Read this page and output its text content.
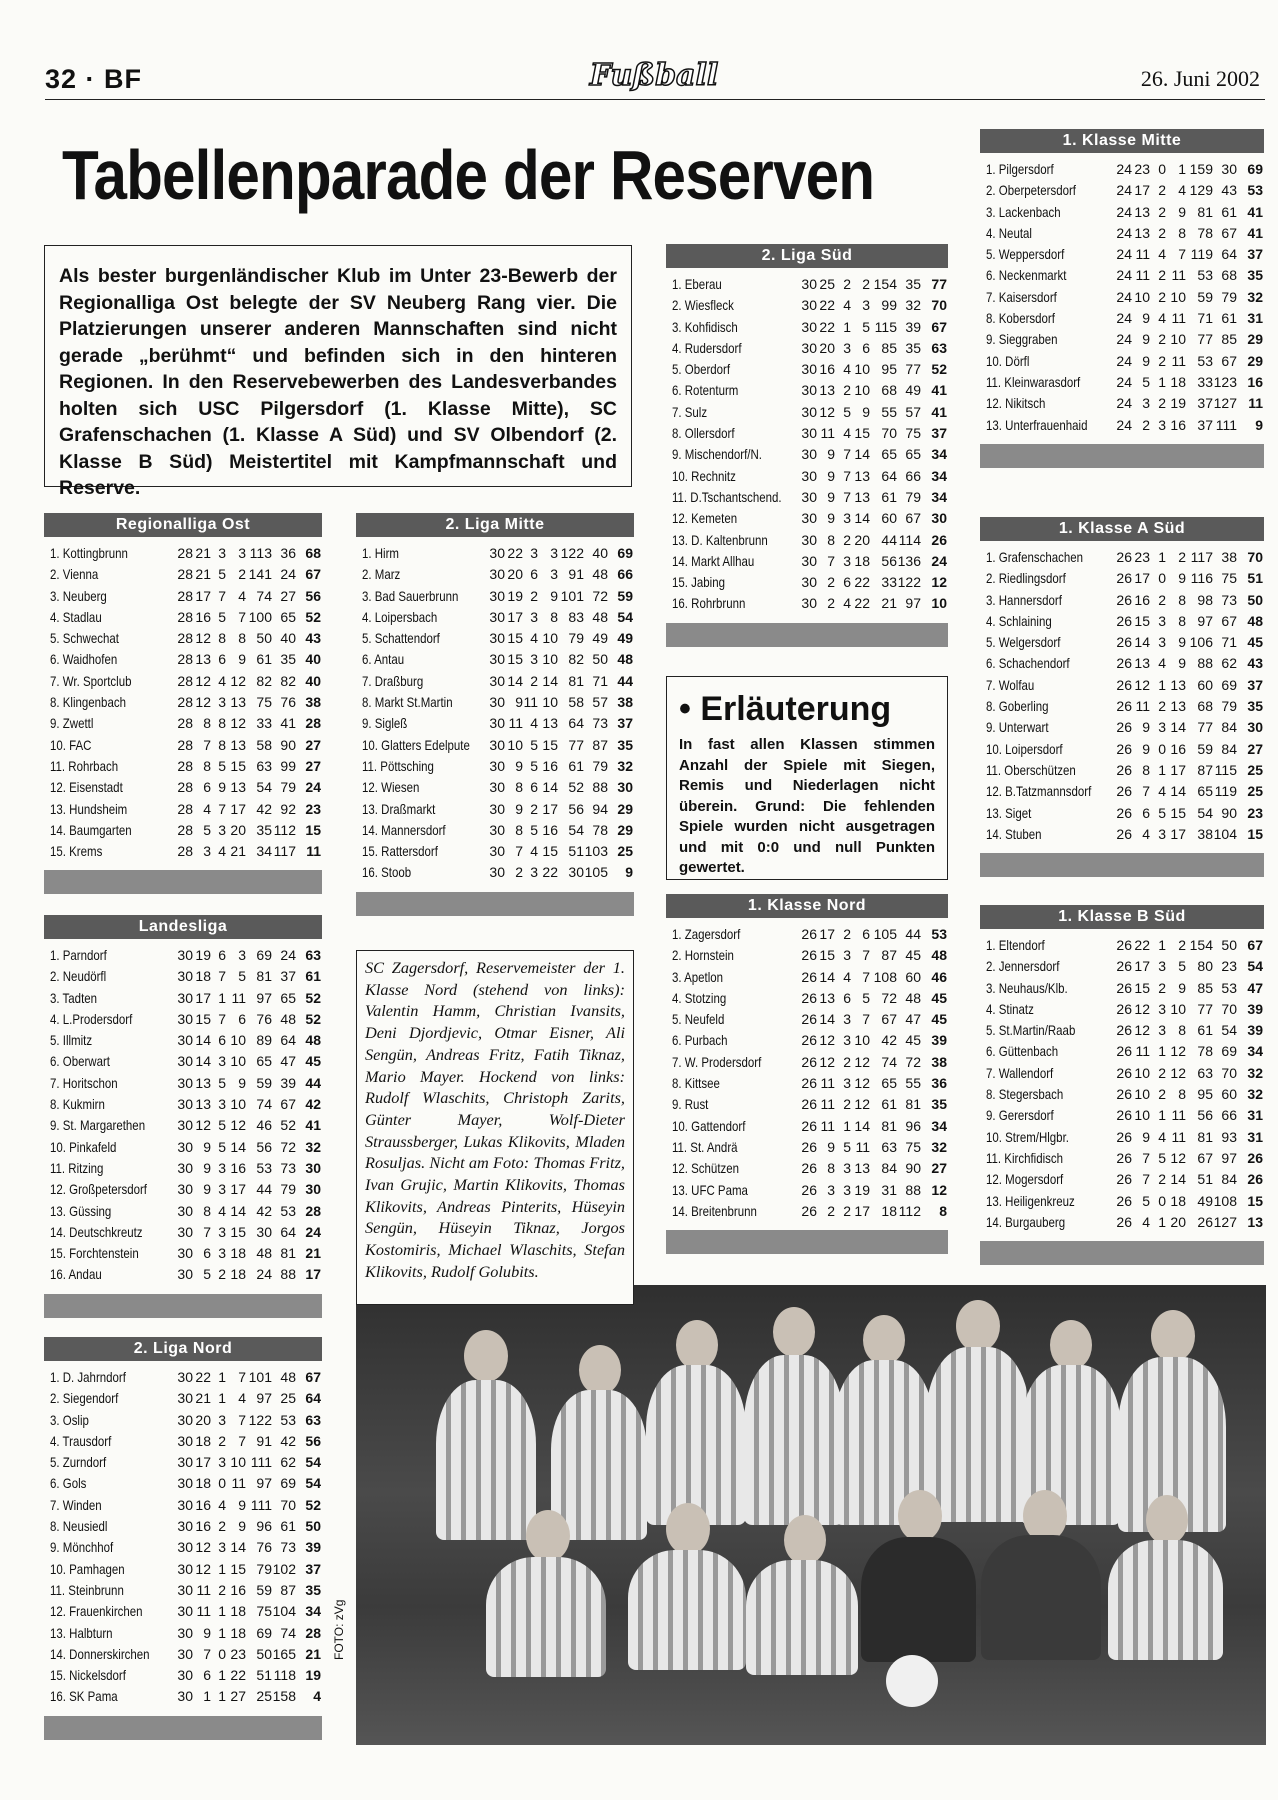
32 · BF	Fußball	26. Juni 2002
Tabellenparade der Reserven
Als bester burgenländischer Klub im Unter 23-Bewerb der Regionalliga Ost belegte der SV Neuberg Rang vier. Die Platzierungen unserer anderen Mannschaften sind nicht gerade „berühmt“ und befinden sich in den hinteren Regionen. In den Reservebewerben des Landesverbandes holten sich USC Pilgersdorf (1. Klasse Mitte), SC Grafenschachen (1. Klasse A Süd) und SV Olbendorf (2. Klasse B Süd) Meistertitel mit Kampfmannschaft und Reserve.
Regionalliga Ost
1. Kottingbrunn	28 21 3 3 113 36 68
2. Vienna	28 21 5 2 141 24 67
3. Neuberg	28 17 7 4 74 27 56
4. Stadlau	28 16 5 7 100 65 52
5. Schwechat	28 12 8 8 50 40 43
6. Waidhofen	28 13 6 9 61 35 40
7. Wr. Sportclub	28 12 4 12 82 82 40
8. Klingenbach	28 12 3 13 75 76 38
9. Zwettl	28 8 8 12 33 41 28
10. FAC	28 7 8 13 58 90 27
11. Rohrbach	28 8 5 15 63 99 27
12. Eisenstadt	28 6 9 13 54 79 24
13. Hundsheim	28 4 7 17 42 92 23
14. Baumgarten	28 5 3 20 35 112 15
15. Krems	28 3 4 21 34 117 11
Landesliga
1. Parndorf	30 19 6 3 69 24 63
2. Neudörfl	30 18 7 5 81 37 61
3. Tadten	30 17 1 11 97 65 52
4. L.Prodersdorf	30 15 7 6 76 48 52
5. Illmitz	30 14 6 10 89 64 48
6. Oberwart	30 14 3 10 65 47 45
7. Horitschon	30 13 5 9 59 39 44
8. Kukmirn	30 13 3 10 74 67 42
9. St. Margarethen 30 12 5 12 46 52 41
10. Pinkafeld	30 9 5 14 56 72 32
11. Ritzing	30 9 3 16 53 73 30
12. Großpetersdorf 30 9 3 17 44 79 30
13. Güssing	30 8 4 14 42 53 28
14. Deutschkreutz 30 7 3 15 30 64 24
15. Forchtenstein	30 6 3 18 48 81 21
16. Andau	30 5 2 18 24 88 17
2. Liga Nord
1. D. Jahrndorf	30 22 1 7 101 48 67
2. Siegendorf	30 21 1 4 97 25 64
3. Oslip	30 20 3 7 122 53 63
4. Trausdorf	30 18 2 7 91 42 56
5. Zurndorf	30 17 3 10 111 62 54
6. Gols	30 18 0 11 97 69 54
7. Winden	30 16 4 9 111 70 52
8. Neusiedl	30 16 2 9 96 61 50
9. Mönchhof	30 12 3 14 76 73 39
10. Pamhagen	30 12 1 15 79 102 37
11. Steinbrunn	30 11 2 16 59 87 35
12. Frauenkirchen 30 11 1 18 75 104 34
13. Halbturn	30 9 1 18 69 74 28
14. Donnerskirchen 30 7 0 23 50 165 21
15. Nickelsdorf	30 6 1 22 51 118 19
16. SK Pama	30 1 1 27 25 158 4
2. Liga Mitte
1. Hirm	30 22 3 3 122 40 69
2. Marz	30 20 6 3 91 48 66
3. Bad Sauerbrunn 30 19 2 9 101 72 59
4. Loipersbach	30 17 3 8 83 48 54
5. Schattendorf	30 15 4 10 79 49 49
6. Antau	30 15 3 10 82 50 48
7. Draßburg	30 14 2 14 81 71 44
8. Markt St.Martin	30 9 11 10 58 57 38
9. Sigleß	30 11 4 13 64 73 37
10. Glatters Edelpute 30 10 5 15 77 87 35
11. Pöttsching	30 9 5 16 61 79 32
12. Wiesen	30 8 6 14 52 88 30
13. Draßmarkt	30 9 2 17 56 94 29
14. Mannersdorf	30 8 5 16 54 78 29
15. Rattersdorf	30 7 4 15 51 103 25
16. Stoob	30 2 3 22 30 105 9
2. Liga Süd
1. Eberau	30 25 2 2 154 35 77
2. Wiesfleck	30 22 4 3 99 32 70
3. Kohfidisch	30 22 1 5 115 39 67
4. Rudersdorf	30 20 3 6 85 35 63
5. Oberdorf	30 16 4 10 95 77 52
6. Rotenturm	30 13 2 10 68 49 41
7. Sulz	30 12 5 9 55 57 41
8. Ollersdorf	30 11 4 15 70 75 37
9. Mischendorf/N.	30 9 7 14 65 65 34
10. Rechnitz	30 9 7 13 64 66 34
11. D.Tschantschend. 30 9 7 13 61 79 34
12. Kemeten	30 9 3 14 60 67 30
13. D. Kaltenbrunn 30 8 2 20 44 114 26
14. Markt Allhau	30 7 3 18 56 136 24
15. Jabing	30 2 6 22 33 122 12
16. Rohrbrunn	30 2 4 22 21 97 10
1. Klasse Nord
1. Zagersdorf	26 17 2 6 105 44 53
2. Hornstein	26 15 3 7 87 45 48
3. Apetlon	26 14 4 7 108 60 46
4. Stotzing	26 13 6 5 72 48 45
5. Neufeld	26 14 3 7 67 47 45
6. Purbach	26 12 3 10 42 45 39
7. W. Prodersdorf	26 12 2 12 74 72 38
8. Kittsee	26 11 3 12 65 55 36
9. Rust	26 11 2 12 61 81 35
10. Gattendorf	26 11 1 14 81 96 34
11. St. Andrä	26 9 5 11 63 75 32
12. Schützen	26 8 3 13 84 90 27
13. UFC Pama	26 3 3 19 31 88 12
14. Breitenbrunn	26 2 2 17 18 112 8
1. Klasse Mitte
1. Pilgersdorf	24 23 0 1 159 30 69
2. Oberpetersdorf	24 17 2 4 129 43 53
3. Lackenbach	24 13 2 9 81 61 41
4. Neutal	24 13 2 8 78 67 41
5. Weppersdorf	24 11 4 7 119 64 37
6. Neckenmarkt	24 11 2 11 53 68 35
7. Kaisersdorf	24 10 2 10 59 79 32
8. Kobersdorf	24 9 4 11 71 61 31
9. Sieggraben	24 9 2 10 77 85 29
10. Dörfl	24 9 2 11 53 67 29
11. Kleinwarasdorf	24 5 1 18 33 123 16
12. Nikitsch	24 3 2 19 37 127 11
13. Unterfrauenhaid 24 2 3 16 37 111 9
1. Klasse A Süd
1. Grafenschachen 26 23 1 2 117 38 70
2. Riedlingsdorf	26 17 0 9 116 75 51
3. Hannersdorf	26 16 2 8 98 73 50
4. Schlaining	26 15 3 8 97 67 48
5. Welgersdorf	26 14 3 9 106 71 45
6. Schachendorf	26 13 4 9 88 62 43
7. Wolfau	26 12 1 13 60 69 37
8. Goberling	26 11 2 13 68 79 35
9. Unterwart	26 9 3 14 77 84 30
10. Loipersdorf	26 9 0 16 59 84 27
11. Oberschützen	26 8 1 17 87 115 25
12. B.Tatzmannsdorf 26 7 4 14 65 119 25
13. Siget	26 6 5 15 54 90 23
14. Stuben	26 4 3 17 38 104 15
1. Klasse B Süd
1. Eltendorf	26 22 1 2 154 50 67
2. Jennersdorf	26 17 3 5 80 23 54
3. Neuhaus/Klb.	26 15 2 9 85 53 47
4. Stinatz	26 12 3 10 77 70 39
5. St.Martin/Raab	26 12 3 8 61 54 39
6. Güttenbach	26 11 1 12 78 69 34
7. Wallendorf	26 10 2 12 63 70 32
8. Stegersbach	26 10 2 8 95 60 32
9. Gerersdorf	26 10 1 11 56 66 31
10. Strem/Hlgbr.	26 9 4 11 81 93 31
11. Kirchfidisch	26 7 5 12 67 97 26
12. Mogersdorf	26 7 2 14 51 84 26
13. Heiligenkreuz	26 5 0 18 49 108 15
14. Burgauberg	26 4 1 20 26 127 13
• Erläuterung
In fast allen Klassen stimmen Anzahl der Spiele mit Siegen, Remis und Niederlagen nicht überein. Grund: Die fehlenden Spiele wurden nicht ausgetragen und mit 0:0 und null Punkten gewertet.
SC Zagersdorf, Reservemeister der 1. Klasse Nord (stehend von links): Valentin Hamm, Christian Ivansits, Deni Djordjevic, Otmar Eisner, Ali Sengün, Andreas Fritz, Fatih Tiknaz, Mario Mayer. Hockend von links: Rudolf Wlaschits, Christoph Zarits, Günter Mayer, Wolf-Dieter Straussberger, Lukas Klikovits, Mladen Rosuljas. Nicht am Foto: Thomas Fritz, Ivan Grujic, Martin Klikovits, Thomas Klikovits, Andreas Pinterits, Hüseyin Sengün, Hüseyin Tiknaz, Jorgos Kostomiris, Michael Wlaschits, Stefan Klikovits, Rudolf Golubits.
FOTO: zVg
